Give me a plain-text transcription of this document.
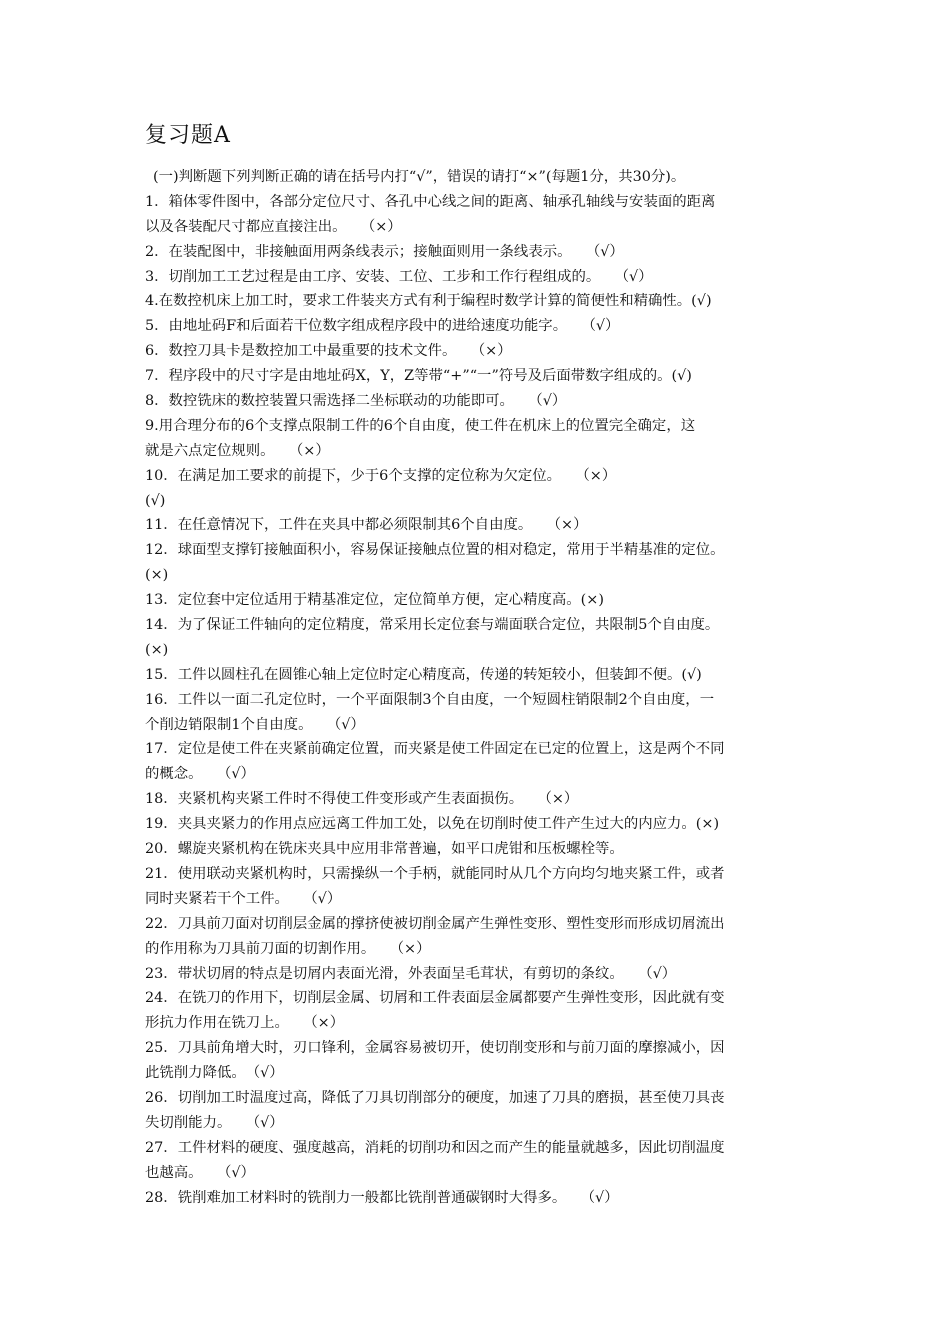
复习题A
(一)判断题下列判断正确的请在括号内打“√”，错误的请打“×”(每题1分，共30分)。
1．箱体零件图中，各部分定位尺寸、各孔中心线之间的距离、轴承孔轴线与安装面的距离
以及各装配尺寸都应直接注出。　　（×）
2．在装配图中，非接触面用两条线表示；接触面则用一条线表示。　　（√）
3．切削加工工艺过程是由工序、安装、工位、工步和工作行程组成的。　　（√）
4.在数控机床上加工时，要求工件装夹方式有利于编程时数学计算的简便性和精确性。(√)
5．由地址码F和后面若干位数字组成程序段中的进给速度功能字。　　（√）
6．数控刀具卡是数控加工中最重要的技术文件。　　（×）
7．程序段中的尺寸字是由地址码X，Y，Z等带“+”“一”符号及后面带数字组成的。(√)
8．数控铣床的数控装置只需选择二坐标联动的功能即可。　　（√）
9.用合理分布的6个支撑点限制工件的6个自由度，使工件在机床上的位置完全确定，这
就是六点定位规则。　　（×）
10．在满足加工要求的前提下，少于6个支撑的定位称为欠定位。　　（×）
(√)
11．在任意情况下，工件在夹具中都必须限制其6个自由度。　　（×）
12．球面型支撑钉接触面积小，容易保证接触点位置的相对稳定，常用于半精基准的定位。
(×)
13．定位套中定位适用于精基准定位，定位简单方便，定心精度高。(×)
14．为了保证工件轴向的定位精度，常采用长定位套与端面联合定位，共限制5个自由度。
(×)
15．工件以圆柱孔在圆锥心轴上定位时定心精度高，传递的转矩较小，但装卸不便。(√)
16．工件以一面二孔定位时，一个平面限制3个自由度，一个短圆柱销限制2个自由度，一
个削边销限制1个自由度。　　（√）
17．定位是使工件在夹紧前确定位置，而夹紧是使工件固定在已定的位置上，这是两个不同
的概念。　　（√）
18．夹紧机构夹紧工件时不得使工件变形或产生表面损伤。　　（×）
19．夹具夹紧力的作用点应远离工件加工处，以免在切削时使工件产生过大的内应力。(×)
20．螺旋夹紧机构在铣床夹具中应用非常普遍，如平口虎钳和压板螺栓等。
21．使用联动夹紧机构时，只需操纵一个手柄，就能同时从几个方向均匀地夹紧工件，或者
同时夹紧若干个工件。　　（√）
22．刀具前刀面对切削层金属的撑挤使被切削金属产生弹性变形、塑性变形而形成切屑流出
的作用称为刀具前刀面的切割作用。　　（×）
23．带状切屑的特点是切屑内表面光滑，外表面呈毛茸状，有剪切的条纹。　　（√）
24．在铣刀的作用下，切削层金属、切屑和工件表面层金属都要产生弹性变形，因此就有变
形抗力作用在铣刀上。　　（×）
25．刀具前角增大时，刃口锋利，金属容易被切开，使切削变形和与前刀面的摩擦减小，因
此铣削力降低。　（√）
26．切削加工时温度过高，降低了刀具切削部分的硬度，加速了刀具的磨损，甚至使刀具丧
失切削能力。　　（√）
27．工件材料的硬度、强度越高，消耗的切削功和因之而产生的能量就越多，因此切削温度
也越高。　　（√）
28．铣削难加工材料时的铣削力一般都比铣削普通碳钢时大得多。　　（√）
